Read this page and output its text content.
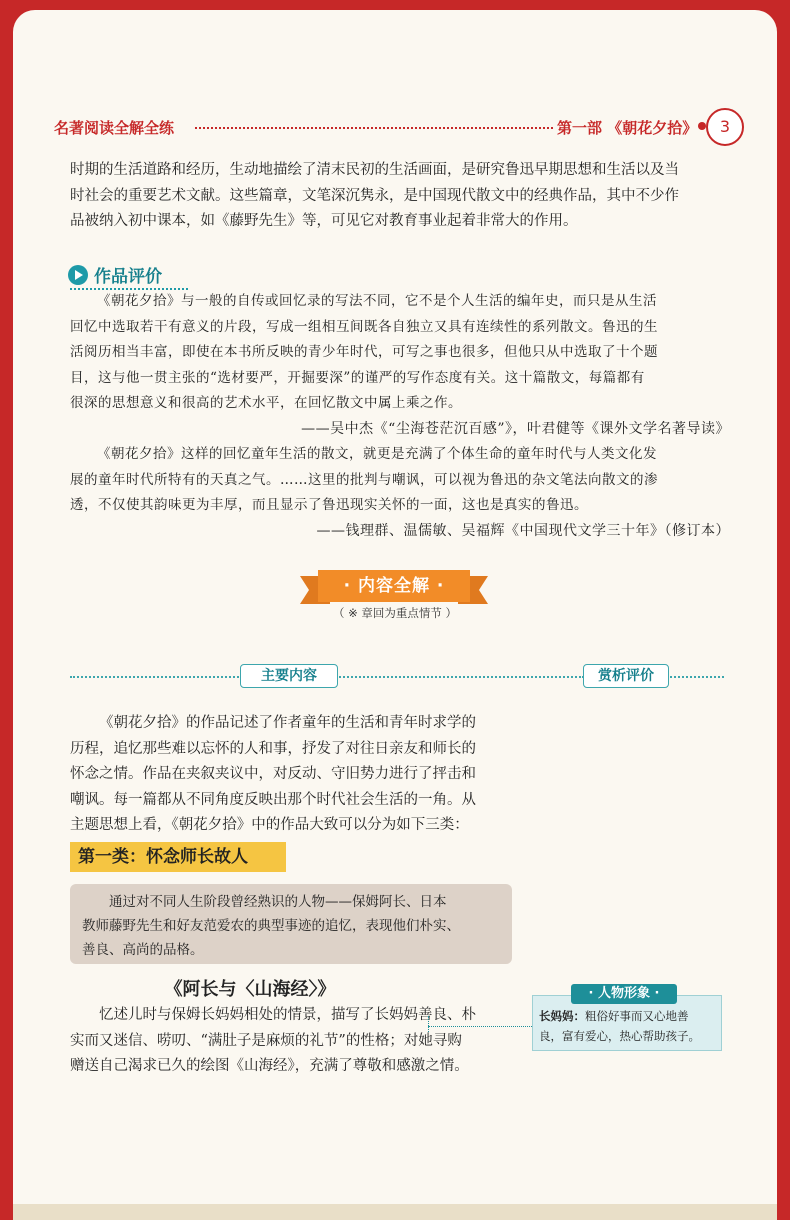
名著阅读全解全练	第一部 《朝花夕拾》	3

时期的生活道路和经历，生动地描绘了清末民初的生活画面，是研究鲁迅早期思想和生活以及当

时社会的重要艺术文献。这些篇章，文笔深沉隽永，是中国现代散文中的经典作品，其中不少作

品被纳入初中课本，如《藤野先生》等，可见它对教育事业起着非常大的作用。

作品评价

《朝花夕拾》与一般的自传或回忆录的写法不同，它不是个人生活的编年史，而只是从生活

回忆中选取若干有意义的片段，写成一组相互间既各自独立又具有连续性的系列散文。鲁迅的生

活阅历相当丰富，即使在本书所反映的青少年时代，可写之事也很多，但他只从中选取了十个题

目，这与他一贯主张的“选材要严，开掘要深”的谨严的写作态度有关。这十篇散文，每篇都有

很深的思想意义和很高的艺术水平，在回忆散文中属上乘之作。

——吴中杰《“尘海苍茫沉百感”》，叶君健等《课外文学名著导读》

《朝花夕拾》这样的回忆童年生活的散文，就更是充满了个体生命的童年时代与人类文化发

展的童年时代所特有的天真之气。……这里的批判与嘲讽，可以视为鲁迅的杂文笔法向散文的渗

透，不仅使其韵味更为丰厚，而且显示了鲁迅现实关怀的一面，这也是真实的鲁迅。

——钱理群、温儒敏、吴福辉《中国现代文学三十年》（修订本）

· 内容全解 ·
（ ※ 章回为重点情节 ）
主要内容	赏析评价

《朝花夕拾》的作品记述了作者童年的生活和青年时求学的

历程，追忆那些难以忘怀的人和事，抒发了对往日亲友和师长的

怀念之情。作品在夹叙夹议中，对反动、守旧势力进行了抨击和

嘲讽。每一篇都从不同角度反映出那个时代社会生活的一角。从

主题思想上看，《朝花夕拾》中的作品大致可以分为如下三类：

第一类：怀念师长故人

通过对不同人生阶段曾经熟识的人物——保姆阿长、日本

教师藤野先生和好友范爱农的典型事迹的追忆，表现他们朴实、

善良、高尚的品格。

《阿长与〈山海经〉》

忆述儿时与保姆长妈妈相处的情景，描写了长妈妈善良、朴

实而又迷信、唠叨、“满肚子是麻烦的礼节”的性格；对她寻购

赠送自己渴求已久的绘图《山海经》，充满了尊敬和感激之情。

长妈妈：粗俗好事而又心地善
良，富有爱心，热心帮助孩子。
· 人物形象 ·
